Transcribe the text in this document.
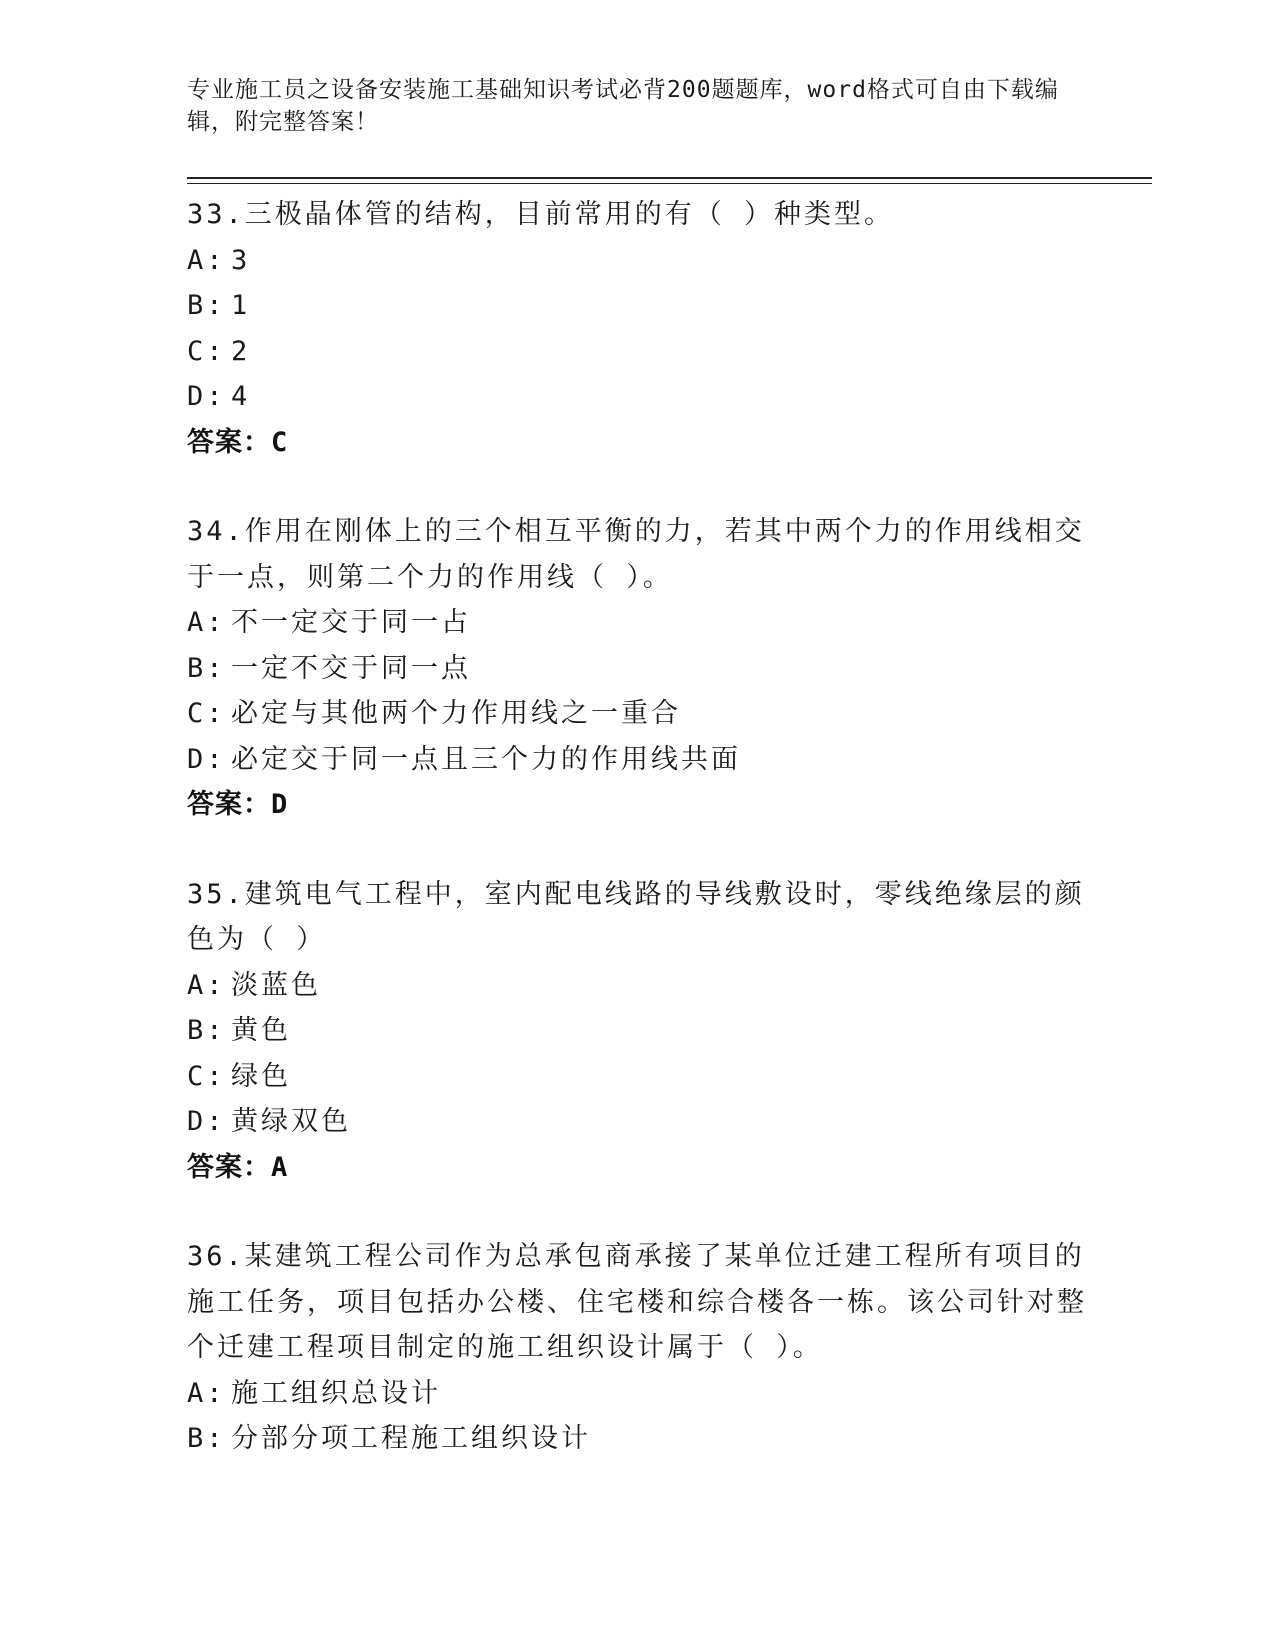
专业施工员之设备安装施工基础知识考试必背200题题库，word格式可自由下载编辑，附完整答案！

33.三极晶体管的结构，目前常用的有（ ）种类型。

A: 3

B: 1

C: 2

D: 4

答案：C

34.作用在刚体上的三个相互平衡的力，若其中两个力的作用线相交于一点，则第二个力的作用线（ ）。

A: 不一定交于同一占

B: 一定不交于同一点

C: 必定与其他两个力作用线之一重合

D: 必定交于同一点且三个力的作用线共面

答案：D

35.建筑电气工程中，室内配电线路的导线敷设时，零线绝缘层的颜色为（ ）

A: 淡蓝色

B: 黄色

C: 绿色

D: 黄绿双色

答案：A

36.某建筑工程公司作为总承包商承接了某单位迁建工程所有项目的施工任务，项目包括办公楼、住宅楼和综合楼各一栋。该公司针对整个迁建工程项目制定的施工组织设计属于（ ）。

A: 施工组织总设计

B: 分部分项工程施工组织设计
